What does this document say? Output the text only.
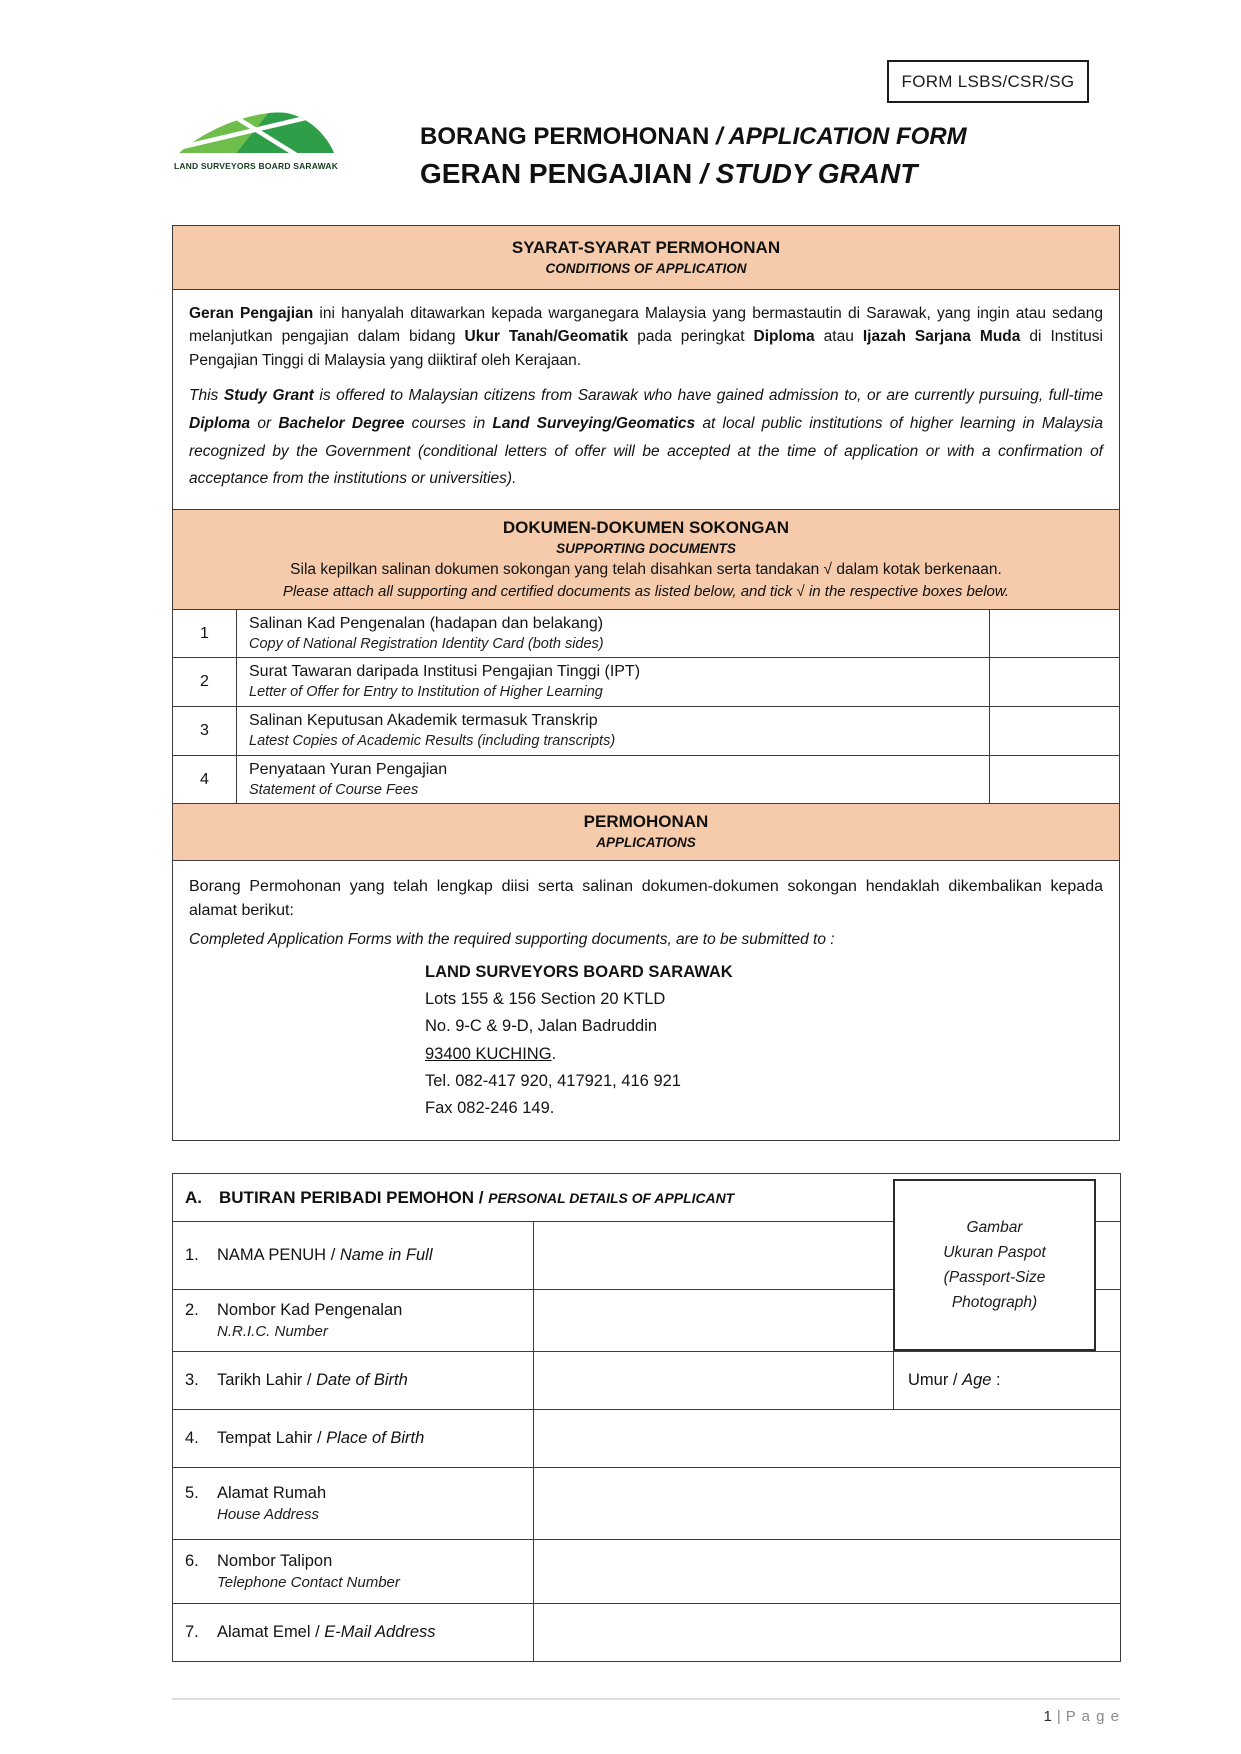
FORM LSBS/CSR/SG
LAND SURVEYORS BOARD SARAWAK
BORANG PERMOHONAN / APPLICATION FORM
GERAN PENGAJIAN / STUDY GRANT
SYARAT-SYARAT PERMOHONAN
CONDITIONS OF APPLICATION		

Geran Pengajian ini hanyalah ditawarkan kepada warganegara Malaysia yang bermastautin di Sarawak, yang ingin atau sedang melanjutkan pengajian dalam bidang Ukur Tanah/Geomatik pada peringkat Diploma atau Ijazah Sarjana Muda di Institusi Pengajian Tinggi di Malaysia yang diiktiraf oleh Kerajaan.

This Study Grant is offered to Malaysian citizens from Sarawak who have gained admission to, or are currently pursuing, full-time Diploma or Bachelor Degree courses in Land Surveying/Geomatics at local public institutions of higher learning in Malaysia recognized by the Government (conditional letters of offer will be accepted at the time of application or with a confirmation of acceptance from the institutions or universities).		

DOKUMEN-DOKUMEN SOKONGAN
SUPPORTING DOCUMENTS
Sila kepilkan salinan dokumen sokongan yang telah disahkan serta tandakan √ dalam kotak berkenaan.
Please attach all supporting and certified documents as listed below, and tick √ in the respective boxes below.		

1	Salinan Kad Pengenalan (hadapan dan belakang)
Copy of National Registration Identity Card (both sides)	

2	Surat Tawaran daripada Institusi Pengajian Tinggi (IPT)
Letter of Offer for Entry to Institution of Higher Learning	

3	Salinan Keputusan Akademik termasuk Transkrip
Latest Copies of Academic Results (including transcripts)	

4	Penyataan Yuran Pengajian
Statement of Course Fees	

PERMOHONAN
APPLICATIONS		

Borang Permohonan yang telah lengkap diisi serta salinan dokumen-dokumen sokongan hendaklah dikembalikan kepada alamat berikut:

Completed Application Forms with the required supporting documents, are to be submitted to :

LAND SURVEYORS BOARD SARAWAK
Lots 155 & 156 Section 20 KTLD
No. 9-C & 9-D, Jalan Badruddin
93400 KUCHING.
Tel. 082-417 920, 417921, 416 921
Fax 082-246 149.
A. BUTIRAN PERIBADI PEMOHON / PERSONAL DETAILS OF APPLICANT		

1. NAMA PENUH / Name in Full		

2. Nombor Kad Pengenalan
N.R.I.C. Number		

3. Tarikh Lahir / Date of Birth		Umur / Age :

4. Tempat Lahir / Place of Birth		

5. Alamat Rumah
House Address		

6. Nombor Talipon
Telephone Contact Number		

7. Alamat Emel / E-Mail Address		

Gambar
Ukuran Paspot
(Passport-Size
Photograph)
1 | P a g e
